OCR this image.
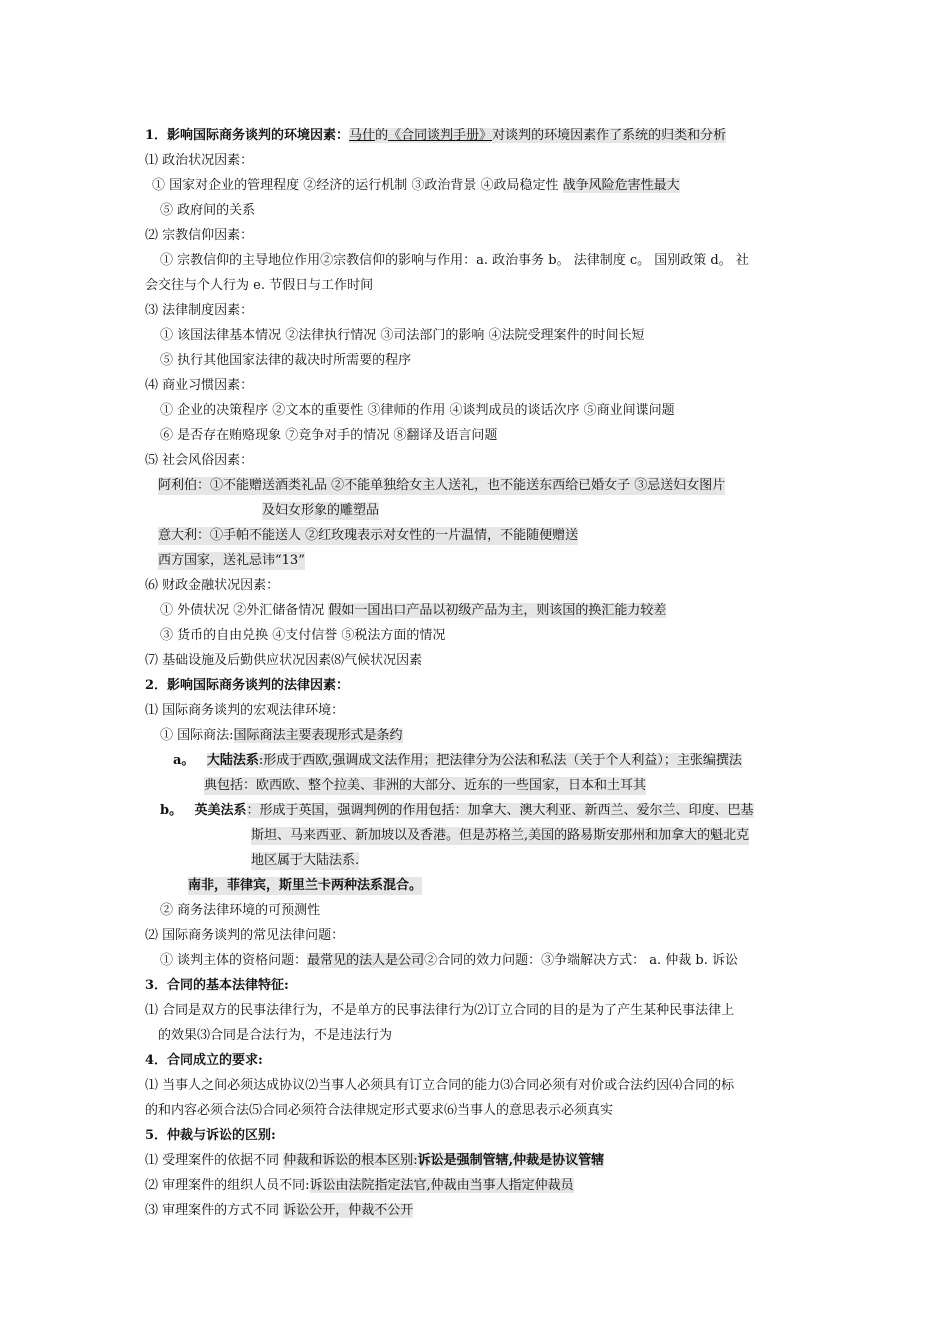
1．影响国际商务谈判的环境因素：马什的《合同谈判手册》对谈判的环境因素作了系统的归类和分析
⑴ 政治状况因素：
① 国家对企业的管理程度 ②经济的运行机制 ③政治背景 ④政局稳定性 战争风险危害性最大
⑤ 政府间的关系
⑵ 宗教信仰因素：
① 宗教信仰的主导地位作用②宗教信仰的影响与作用：a. 政治事务 b。 法律制度 c。 国别政策 d。 社
会交往与个人行为 e. 节假日与工作时间
⑶ 法律制度因素：
① 该国法律基本情况 ②法律执行情况 ③司法部门的影响 ④法院受理案件的时间长短
⑤ 执行其他国家法律的裁决时所需要的程序
⑷ 商业习惯因素：
① 企业的决策程序 ②文本的重要性 ③律师的作用 ④谈判成员的谈话次序 ⑤商业间谍问题
⑥ 是否存在贿赂现象 ⑦竞争对手的情况 ⑧翻译及语言问题
⑸ 社会风俗因素：
阿利伯：①不能赠送酒类礼品 ②不能单独给女主人送礼，也不能送东西给已婚女子 ③忌送妇女图片
及妇女形象的雕塑品
意大利：①手帕不能送人 ②红玫瑰表示对女性的一片温情，不能随便赠送
西方国家，送礼忌讳“13”
⑹ 财政金融状况因素：
① 外债状况 ②外汇储备情况 假如一国出口产品以初级产品为主，则该国的换汇能力较差
③ 货币的自由兑换 ④支付信誉 ⑤税法方面的情况
⑺ 基础设施及后勤供应状况因素⑻气候状况因素
2．影响国际商务谈判的法律因素：
⑴ 国际商务谈判的宏观法律环境：
① 国际商法:国际商法主要表现形式是条约
a。 大陆法系:形成于西欧,强调成文法作用；把法律分为公法和私法（关于个人利益）；主张编撰法
典包括：欧西欧、整个拉美、非洲的大部分、近东的一些国家，日本和土耳其
b。 英美法系：形成于英国，强调判例的作用包括：加拿大、澳大利亚、新西兰、爱尔兰、印度、巴基
斯坦、马来西亚、新加坡以及香港。但是苏格兰,美国的路易斯安那州和加拿大的魁北克
地区属于大陆法系.
南非，菲律宾，斯里兰卡两种法系混合。
② 商务法律环境的可预测性
⑵ 国际商务谈判的常见法律问题：
① 谈判主体的资格问题：最常见的法人是公司②合同的效力问题：③争端解决方式： a. 仲裁 b. 诉讼
3．合同的基本法律特征:
⑴ 合同是双方的民事法律行为，不是单方的民事法律行为⑵订立合同的目的是为了产生某种民事法律上
的效果⑶合同是合法行为，不是违法行为
4．合同成立的要求:
⑴ 当事人之间必须达成协议⑵当事人必须具有订立合同的能力⑶合同必须有对价或合法约因⑷合同的标
的和内容必须合法⑸合同必须符合法律规定形式要求⑹当事人的意思表示必须真实
5．仲裁与诉讼的区别:
⑴ 受理案件的依据不同 仲裁和诉讼的根本区别:诉讼是强制管辖,仲裁是协议管辖
⑵ 审理案件的组织人员不同:诉讼由法院指定法官,仲裁由当事人指定仲裁员
⑶ 审理案件的方式不同 诉讼公开，仲裁不公开
